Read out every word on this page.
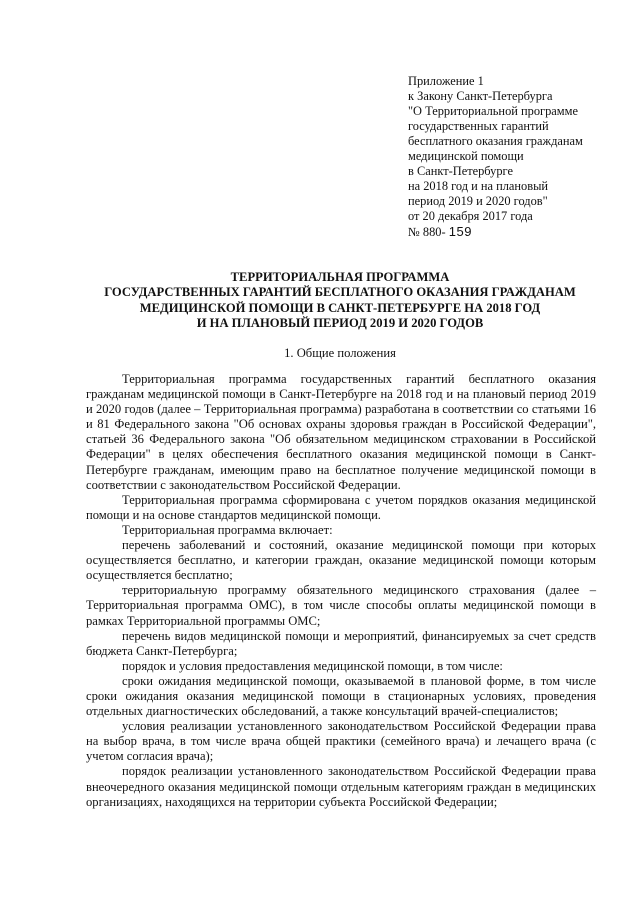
Приложение 1
к Закону Санкт-Петербурга
"О Территориальной программе
государственных гарантий
бесплатного оказания гражданам
медицинской помощи
в Санкт-Петербурге
на 2018 год и на плановый
период 2019 и 2020 годов"
от 20 декабря 2017 года
№ 880- 159
ТЕРРИТОРИАЛЬНАЯ ПРОГРАММА
ГОСУДАРСТВЕННЫХ ГАРАНТИЙ БЕСПЛАТНОГО ОКАЗАНИЯ ГРАЖДАНАМ
МЕДИЦИНСКОЙ ПОМОЩИ В САНКТ-ПЕТЕРБУРГЕ НА 2018 ГОД
И НА ПЛАНОВЫЙ ПЕРИОД 2019 И 2020 ГОДОВ
1. Общие положения

Территориальная программа государственных гарантий бесплатного оказания гражданам медицинской помощи в Санкт-Петербурге на 2018 год и на плановый период 2019 и 2020 годов (далее – Территориальная программа) разработана в соответствии со статьями 16 и 81 Федерального закона "Об основах охраны здоровья граждан в Российской Федерации", статьей 36 Федерального закона "Об обязательном медицинском страховании в Российской Федерации" в целях обеспечения бесплатного оказания медицинской помощи в Санкт-Петербурге гражданам, имеющим право на бесплатное получение медицинской помощи в соответствии с законодательством Российской Федерации.

Территориальная программа сформирована с учетом порядков оказания медицинской помощи и на основе стандартов медицинской помощи.

Территориальная программа включает:

перечень заболеваний и состояний, оказание медицинской помощи при которых осуществляется бесплатно, и категории граждан, оказание медицинской помощи которым осуществляется бесплатно;

территориальную программу обязательного медицинского страхования (далее – Территориальная программа ОМС), в том числе способы оплаты медицинской помощи в рамках Территориальной программы ОМС;

перечень видов медицинской помощи и мероприятий, финансируемых за счет средств бюджета Санкт-Петербурга;

порядок и условия предоставления медицинской помощи, в том числе:

сроки ожидания медицинской помощи, оказываемой в плановой форме, в том числе сроки ожидания оказания медицинской помощи в стационарных условиях, проведения отдельных диагностических обследований, а также консультаций врачей-специалистов;

условия реализации установленного законодательством Российской Федерации права на выбор врача, в том числе врача общей практики (семейного врача) и лечащего врача (с учетом согласия врача);

порядок реализации установленного законодательством Российской Федерации права внеочередного оказания медицинской помощи отдельным категориям граждан в медицинских организациях, находящихся на территории субъекта Российской Федерации;
